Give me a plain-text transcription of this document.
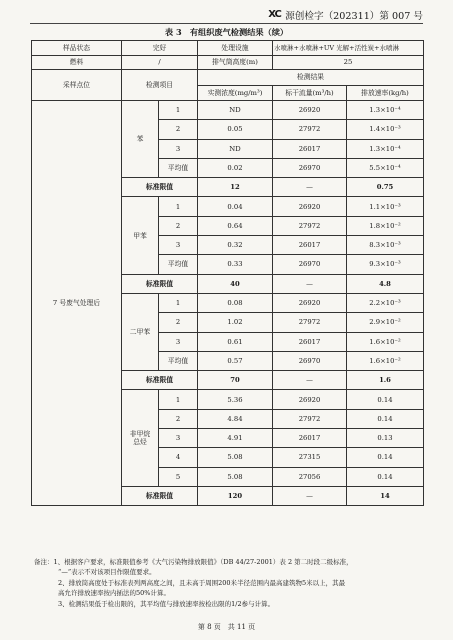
XC 源创检字（202311）第 007 号
表 3　有组织废气检测结果（续）
样品状态	完好		处理设施	水喷淋+水喷淋+UV 光解+活性炭+水喷淋	
燃料	/		排气筒高度(m)	25	
采样点位	检测项目		检测结果		
			实测浓度(mg/m³)	标干流量(m³/h)	排放速率(kg/h)
7 号废气处理后	苯	1	ND	26920	1.3×10⁻⁴
		2	0.05	27972	1.4×10⁻³
		3	ND	26017	1.3×10⁻⁴
		平均值	0.02	26970	5.5×10⁻⁴
	标准限值		12	—	0.75
	甲苯	1	0.04	26920	1.1×10⁻³
		2	0.64	27972	1.8×10⁻²
		3	0.32	26017	8.3×10⁻³
		平均值	0.33	26970	9.3×10⁻³
	标准限值		40	—	4.8
	二甲苯	1	0.08	26920	2.2×10⁻³
		2	1.02	27972	2.9×10⁻²
		3	0.61	26017	1.6×10⁻²
		平均值	0.57	26970	1.6×10⁻²
	标准限值		70	—	1.6
	非甲烷
总烃	1	5.36	26920	0.14
		2	4.84	27972	0.14
		3	4.91	26017	0.13
		4	5.08	27315	0.14
		5	5.08	27056	0.14
	标准限值		120	—	14
备注：1、根据客户要求，标准限值参考《大气污染物排放限值》（DB 44/27-2001）表 2 第二时段二级标准，
“—”表示不对该项目作限值要求。
2、排放筒高度处于标准表列两高度之间，且未高于周围200米半径范围内最高建筑物5米以上，其最
高允许排放速率按内插法的50%计算。
3、检测结果低于检出限的，其平均值与排放速率按检出限的1/2参与计算。
第 8 页　共 11 页
